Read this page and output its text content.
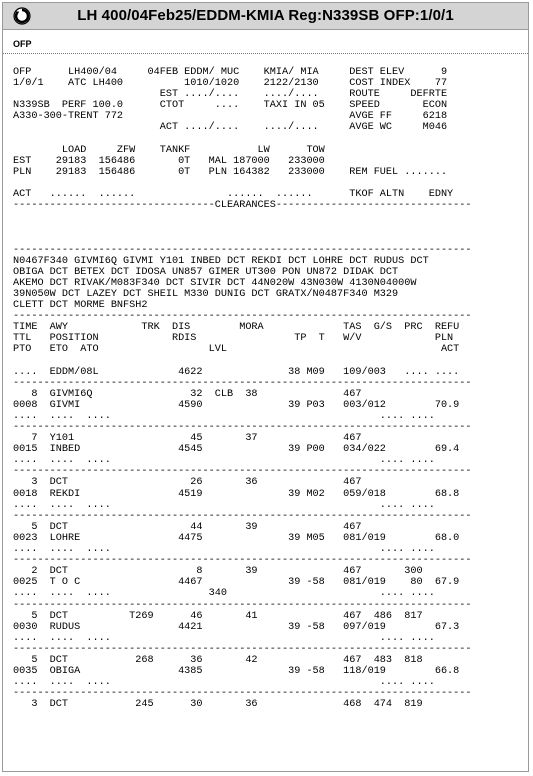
LH 400/04Feb25/EDDM-KMIA Reg:N339SB OFP:1/0/1
OFP
OFP      LH400/04     04FEB EDDM/ MUC    KMIA/ MIA     DEST ELEV      9
1/0/1    ATC LH400          1010/1020    2122/2130     COST INDEX    77
EST ..../....    ..../....     ROUTE     DEFRTE
N339SB  PERF 100.0      CTOT     ....    TAXI IN 05    SPEED       ECON
A330-300-TRENT 772                                     AVGE FF     6218
ACT ..../....    ..../....     AVGE WC     M046

LOAD     ZFW    TANKF           LW      TOW
EST    29183  156486       0T   MAL 187000   233000
PLN    29183  156486       0T   PLN 164382   233000    REM FUEL .......

ACT   ......  ......               ......  ......      TKOF ALTN    EDNY
---------------------------------CLEARANCES--------------------------------

---------------------------------------------------------------------------
N0467F340 GIVMI6Q GIVMI Y101 INBED DCT REKDI DCT LOHRE DCT RUDUS DCT
OBIGA DCT BETEX DCT IDOSA UN857 GIMER UT300 PON UN872 DIDAK DCT
AKEMO DCT RIVAK/M083F340 DCT SIVIR DCT 44N020W 43N030W 4130N04000W
39N050W DCT LAZEY DCT SHEIL M330 DUNIG DCT GRATX/N0487F340 M329
CLETT DCT MORME BNFSH2
---------------------------------------------------------------------------
TIME  AWY            TRK  DIS        MORA             TAS  G/S  PRC  REFU
TTL   POSITION            RDIS                TP  T   W/V            PLN
PTO   ETO  ATO                  LVL                                   ACT

....  EDDM/08L             4622              38 M09   109/003   .... ....
---------------------------------------------------------------------------
8  GIVMI6Q                32  CLB  38              467
0008  GIVMI                4590              39 P03   003/012        70.9
....  ....  ....                                            .... ....
---------------------------------------------------------------------------
7  Y101                   45       37              467
0015  INBED                4545              39 P00   034/022        69.4
....  ....  ....                                            .... ....
---------------------------------------------------------------------------
3  DCT                    26       36              467
0018  REKDI                4519              39 M02   059/018        68.8
....  ....  ....                                            .... ....
---------------------------------------------------------------------------
5  DCT                    44       39              467
0023  LOHRE                4475              39 M05   081/019        68.0
....  ....  ....                                            .... ....
---------------------------------------------------------------------------
2  DCT                     8       39              467       300
0025  T O C                4467              39 -58   081/019    80  67.9
....  ....  ....                340                         .... ....
---------------------------------------------------------------------------
5  DCT          T269      46       41              467  486  817
0030  RUDUS                4421              39 -58   097/019        67.3
....  ....  ....                                            .... ....
---------------------------------------------------------------------------
5  DCT           268      36       42              467  483  818
0035  OBIGA                4385              39 -58   118/019        66.8
....  ....  ....                                            .... ....
---------------------------------------------------------------------------
3  DCT           245      30       36              468  474  819
